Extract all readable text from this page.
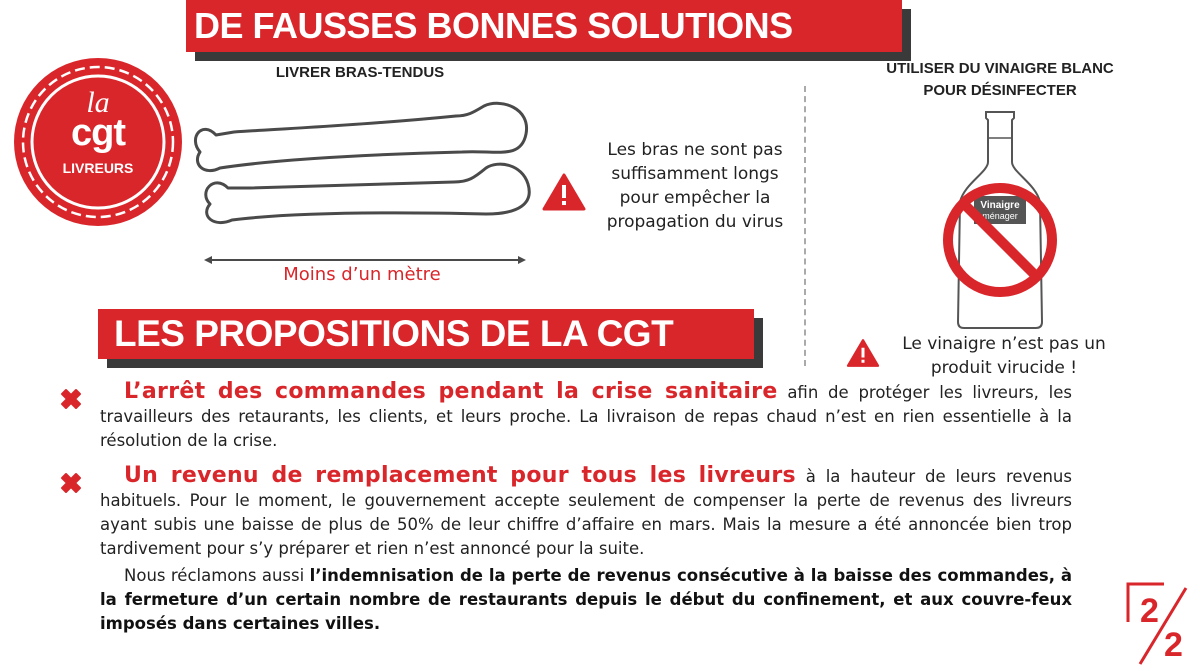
DE FAUSSES BONNES SOLUTIONS
la
cgt
LIVREURS
LIVRER BRAS-TENDUS
Moins d’un mètre
Les bras ne sont pas suffisamment longs pour empêcher la propagation du virus
UTILISER DU VINAIGRE BLANC POUR DÉSINFECTER
Vinaigre
ménager
Le vinaigre n’est pas un produit virucide !
LES PROPOSITIONS DE LA CGT
L’arrêt des commandes pendant la crise sanitaire afin de protéger les livreurs, les travailleurs des retaurants, les clients, et leurs proche. La livraison de repas chaud n’est en rien essentielle à la résolution de la crise.
Un revenu de remplacement pour tous les livreurs à la hauteur de leurs revenus habituels. Pour le moment, le gouvernement accepte seulement de compenser la perte de revenus des livreurs ayant subis une baisse de plus de 50% de leur chiffre d’affaire en mars. Mais la mesure a été annoncée bien trop tardivement pour s’y préparer et rien n’est annoncé pour la suite.
Nous réclamons aussi l’indemnisation de la perte de revenus consécutive à la baisse des commandes, à la fermeture d’un certain nombre de restaurants depuis le début du confinement, et aux couvre-feux imposés dans certaines villes.	2
2
